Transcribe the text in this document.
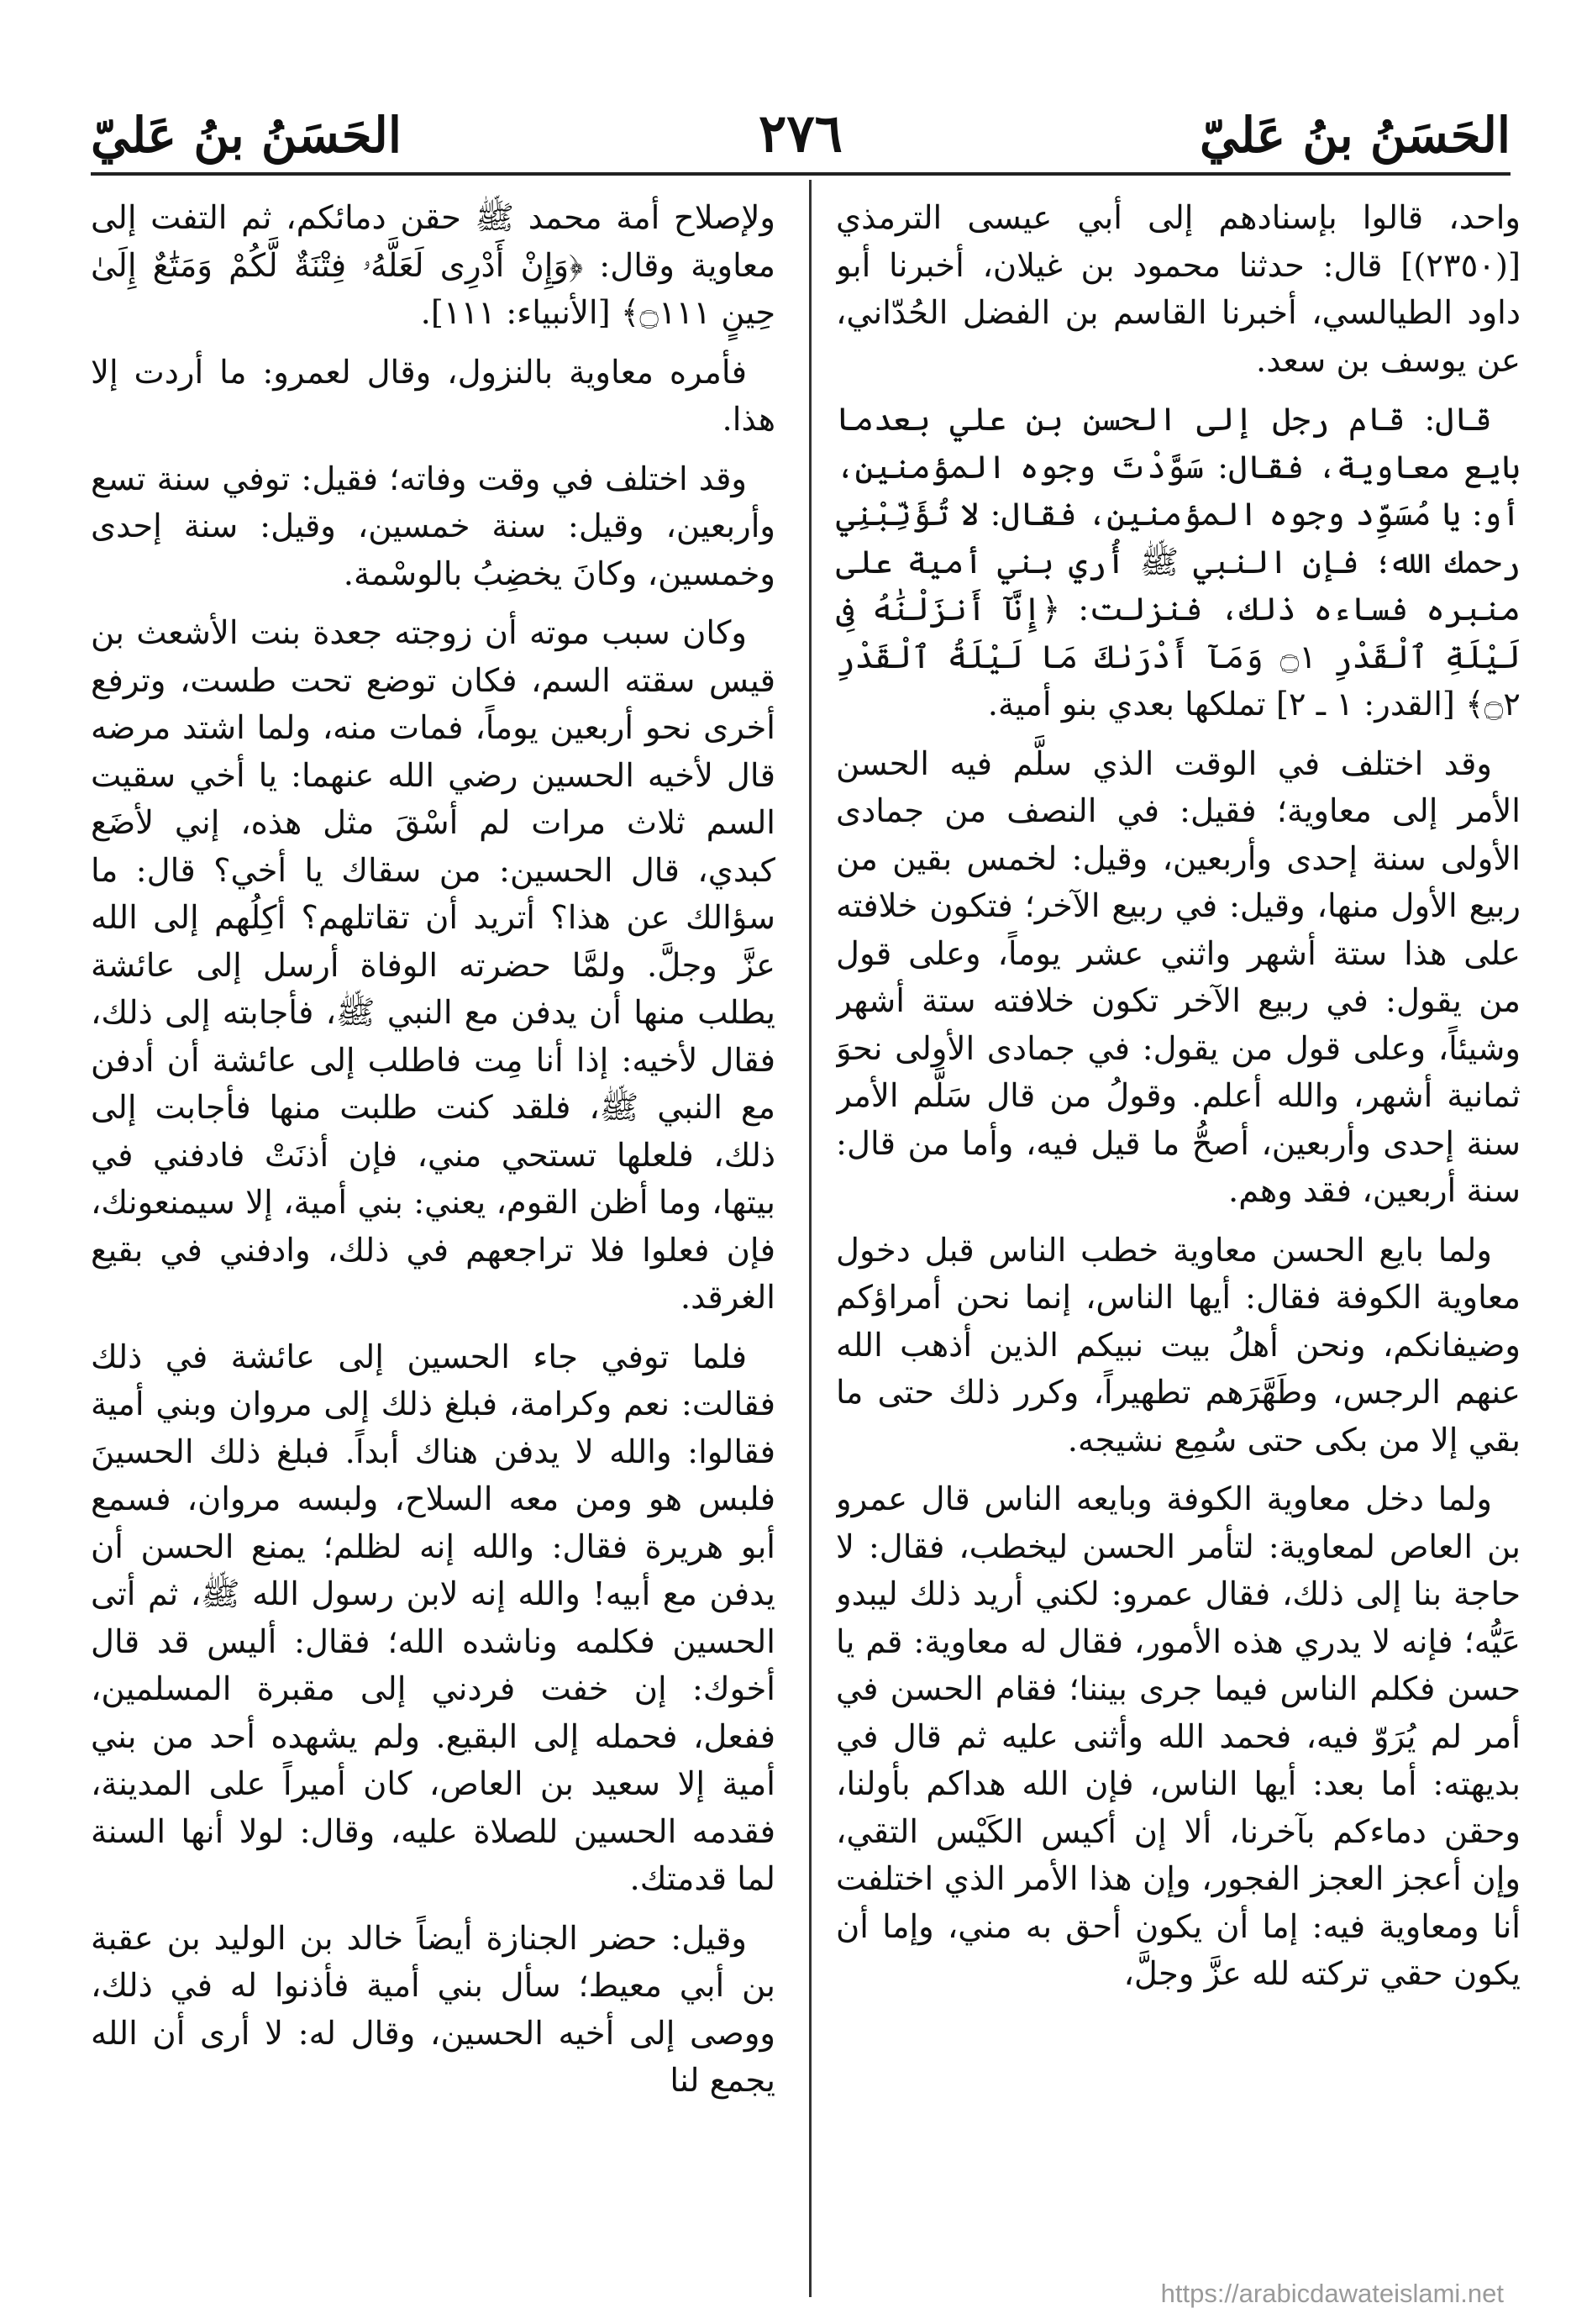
الحَسَنُ بنُ عَليّ
٢٧٦
الحَسَنُ بنُ عَليّ

واحد، قالوا بإسنادهم إلى أبي عيسى الترمذي [(٢٣٥٠)] قال: حدثنا محمود بن غيلان، أخبرنا أبو داود الطيالسي، أخبرنا القاسم بن الفضل الحُدّاني، عن يوسف بن سعد.

قال: قام رجل إلى الحسن بن علي بعدما بايع معاوية، فقال: سَوَّدْتَ وجوه المؤمنين، أو: يا مُسَوِّد وجوه المؤمنين، فقال: لا تُؤَنِّبْنِي رحمك الله؛ فإن النبي ﷺ أُري بني أمية على منبره فساءه ذلك، فنزلت: ﴿إِنَّآ أَنزَلْنَٰهُ فِى لَيْلَةِ ٱلْقَدْرِ ۝١ وَمَآ أَدْرَىٰكَ مَا لَيْلَةُ ٱلْقَدْرِ ۝٢﴾ [القدر: ١ ـ ٢] تملكها بعدي بنو أمية.

وقد اختلف في الوقت الذي سلَّم فيه الحسن الأمر إلى معاوية؛ فقيل: في النصف من جمادى الأولى سنة إحدى وأربعين، وقيل: لخمس بقين من ربيع الأول منها، وقيل: في ربيع الآخر؛ فتكون خلافته على هذا ستة أشهر واثني عشر يوماً، وعلى قول من يقول: في ربيع الآخر تكون خلافته ستة أشهر وشيئاً، وعلى قول من يقول: في جمادى الأولى نحوَ ثمانية أشهر، والله أعلم. وقولُ من قال سَلَّم الأمر سنة إحدى وأربعين، أصحُّ ما قيل فيه، وأما من قال: سنة أربعين، فقد وهم.

ولما بايع الحسن معاوية خطب الناس قبل دخول معاوية الكوفة فقال: أيها الناس، إنما نحن أمراؤكم وضيفانكم، ونحن أهلُ بيت نبيكم الذين أذهب الله عنهم الرجس، وطَهَّرَهم تطهيراً، وكرر ذلك حتى ما بقي إلا من بكى حتى سُمِع نشيجه.

ولما دخل معاوية الكوفة وبايعه الناس قال عمرو بن العاص لمعاوية: لتأمر الحسن ليخطب، فقال: لا حاجة بنا إلى ذلك، فقال عمرو: لكني أريد ذلك ليبدو عَيُّه؛ فإنه لا يدري هذه الأمور، فقال له معاوية: قم يا حسن فكلم الناس فيما جرى بيننا؛ فقام الحسن في أمر لم يُرَوّ فيه، فحمد الله وأثنى عليه ثم قال في بديهته: أما بعد: أيها الناس، فإن الله هداكم بأولنا، وحقن دماءكم بآخرنا، ألا إن أكيس الكَيْس التقي، وإن أعجز العجز الفجور، وإن هذا الأمر الذي اختلفت أنا ومعاوية فيه: إما أن يكون أحق به مني، وإما أن يكون حقي تركته لله عزَّ وجلَّ،

ولإصلاح أمة محمد ﷺ حقن دمائكم، ثم التفت إلى معاوية وقال: ﴿وَإِنْ أَدْرِى لَعَلَّهُۥ فِتْنَةٌ لَّكُمْ وَمَتَٰعٌ إِلَىٰ حِينٍ ۝١١١﴾ [الأنبياء: ١١١].

فأمره معاوية بالنزول، وقال لعمرو: ما أردت إلا هذا.

وقد اختلف في وقت وفاته؛ فقيل: توفي سنة تسع وأربعين، وقيل: سنة خمسين، وقيل: سنة إحدى وخمسين، وكانَ يخضِبُ بالوسْمة.

وكان سبب موته أن زوجته جعدة بنت الأشعث بن قيس سقته السم، فكان توضع تحت طست، وترفع أخرى نحو أربعين يوماً، فمات منه، ولما اشتد مرضه قال لأخيه الحسين رضي الله عنهما: يا أخي سقيت السم ثلاث مرات لم أسْقَ مثل هذه، إني لأضَع كبدي، قال الحسين: من سقاك يا أخي؟ قال: ما سؤالك عن هذا؟ أتريد أن تقاتلهم؟ أكِلُهم إلى الله عزَّ وجلَّ. ولمَّا حضرته الوفاة أرسل إلى عائشة يطلب منها أن يدفن مع النبي ﷺ، فأجابته إلى ذلك، فقال لأخيه: إذا أنا مِت فاطلب إلى عائشة أن أدفن مع النبي ﷺ، فلقد كنت طلبت منها فأجابت إلى ذلك، فلعلها تستحي مني، فإن أذنَتْ فادفني في بيتها، وما أظن القوم، يعني: بني أمية، إلا سيمنعونك، فإن فعلوا فلا تراجعهم في ذلك، وادفني في بقيع الغرقد.

فلما توفي جاء الحسين إلى عائشة في ذلك فقالت: نعم وكرامة، فبلغ ذلك إلى مروان وبني أمية فقالوا: والله لا يدفن هناك أبداً. فبلغ ذلك الحسينَ فلبس هو ومن معه السلاح، ولبسه مروان، فسمع أبو هريرة فقال: والله إنه لظلم؛ يمنع الحسن أن يدفن مع أبيه! والله إنه لابن رسول الله ﷺ، ثم أتى الحسين فكلمه وناشده الله؛ فقال: أليس قد قال أخوك: إن خفت فردني إلى مقبرة المسلمين، ففعل، فحمله إلى البقيع. ولم يشهده أحد من بني أمية إلا سعيد بن العاص، كان أميراً على المدينة، فقدمه الحسين للصلاة عليه، وقال: لولا أنها السنة لما قدمتك.

وقيل: حضر الجنازة أيضاً خالد بن الوليد بن عقبة بن أبي معيط؛ سأل بني أمية فأذنوا له في ذلك، ووصى إلى أخيه الحسين، وقال له: لا أرى أن الله يجمع لنا

https://arabicdawateislami.net
